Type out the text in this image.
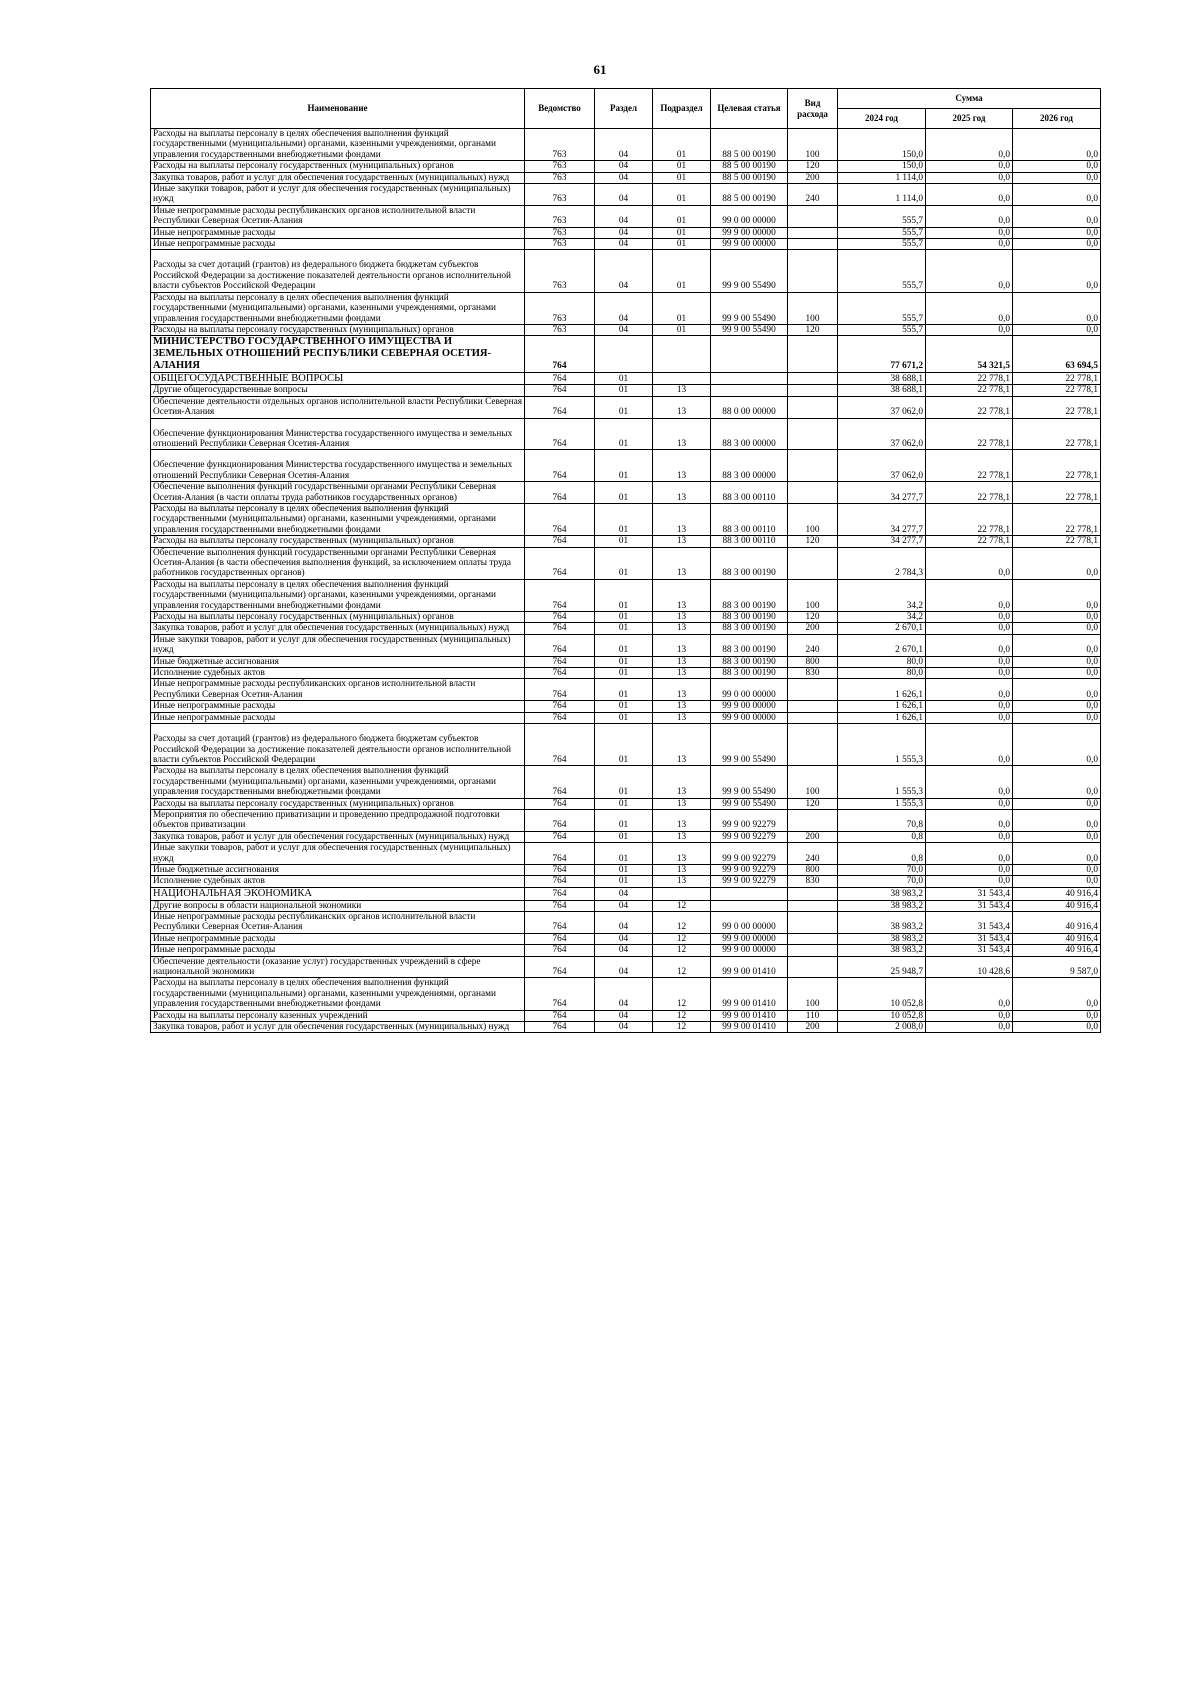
61
Наименование	Ведомство	Раздел	Подраздел	Целевая статья	Вид расхода	Сумма		
						2024 год	2025 год	2026 год
Расходы на выплаты персоналу в целях обеспечения выполнения функций государственными (муниципальными) органами, казенными учреждениями, органами управления государственными внебюджетными фондами	763	04	01	88 5 00 00190	100	150,0	0,0	0,0
Расходы на выплаты персоналу государственных (муниципальных) органов	763	04	01	88 5 00 00190	120	150,0	0,0	0,0
Закупка товаров, работ и услуг для обеспечения государственных (муниципальных) нужд	763	04	01	88 5 00 00190	200	1 114,0	0,0	0,0
Иные закупки товаров, работ и услуг для обеспечения государственных (муниципальных) нужд	763	04	01	88 5 00 00190	240	1 114,0	0,0	0,0
Иные непрограммные расходы республиканских органов исполнительной власти Республики Северная Осетия-Алания	763	04	01	99 0 00 00000		555,7	0,0	0,0
Иные непрограммные расходы	763	04	01	99 9 00 00000		555,7	0,0	0,0
Иные непрограммные расходы	763	04	01	99 9 00 00000		555,7	0,0	0,0
Расходы за счет дотаций (грантов) из федерального бюджета бюджетам субъектов Российской Федерации за достижение показателей деятельности органов исполнительной власти субъектов Российской Федерации	763	04	01	99 9 00 55490		555,7	0,0	0,0
Расходы на выплаты персоналу в целях обеспечения выполнения функций государственными (муниципальными) органами, казенными учреждениями, органами управления государственными внебюджетными фондами	763	04	01	99 9 00 55490	100	555,7	0,0	0,0
Расходы на выплаты персоналу государственных (муниципальных) органов	763	04	01	99 9 00 55490	120	555,7	0,0	0,0
МИНИСТЕРСТВО ГОСУДАРСТВЕННОГО ИМУЩЕСТВА И ЗЕМЕЛЬНЫХ ОТНОШЕНИЙ РЕСПУБЛИКИ СЕВЕРНАЯ ОСЕТИЯ-АЛАНИЯ	764					77 671,2	54 321,5	63 694,5
ОБЩЕГОСУДАРСТВЕННЫЕ ВОПРОСЫ	764	01				38 688,1	22 778,1	22 778,1
Другие общегосударственные вопросы	764	01	13			38 688,1	22 778,1	22 778,1
Обеспечение деятельности отдельных органов исполнительной власти Республики Северная Осетия-Алания	764	01	13	88 0 00 00000		37 062,0	22 778,1	22 778,1
Обеспечение функционирования Министерства государственного имущества и земельных отношений Республики Северная Осетия-Алания	764	01	13	88 3 00 00000		37 062,0	22 778,1	22 778,1
Обеспечение функционирования Министерства государственного имущества и земельных отношений Республики Северная Осетия-Алания	764	01	13	88 3 00 00000		37 062,0	22 778,1	22 778,1
Обеспечение выполнения функций государственными органами Республики Северная Осетия-Алания (в части оплаты труда работников государственных органов)	764	01	13	88 3 00 00110		34 277,7	22 778,1	22 778,1
Расходы на выплаты персоналу в целях обеспечения выполнения функций государственными (муниципальными) органами, казенными учреждениями, органами управления государственными внебюджетными фондами	764	01	13	88 3 00 00110	100	34 277,7	22 778,1	22 778,1
Расходы на выплаты персоналу государственных (муниципальных) органов	764	01	13	88 3 00 00110	120	34 277,7	22 778,1	22 778,1
Обеспечение выполнения функций государственными органами Республики Северная Осетия-Алания (в части обеспечения выполнения функций, за исключением оплаты труда работников государственных органов)	764	01	13	88 3 00 00190		2 784,3	0,0	0,0
Расходы на выплаты персоналу в целях обеспечения выполнения функций государственными (муниципальными) органами, казенными учреждениями, органами управления государственными внебюджетными фондами	764	01	13	88 3 00 00190	100	34,2	0,0	0,0
Расходы на выплаты персоналу государственных (муниципальных) органов	764	01	13	88 3 00 00190	120	34,2	0,0	0,0
Закупка товаров, работ и услуг для обеспечения государственных (муниципальных) нужд	764	01	13	88 3 00 00190	200	2 670,1	0,0	0,0
Иные закупки товаров, работ и услуг для обеспечения государственных (муниципальных) нужд	764	01	13	88 3 00 00190	240	2 670,1	0,0	0,0
Иные бюджетные ассигнования	764	01	13	88 3 00 00190	800	80,0	0,0	0,0
Исполнение судебных актов	764	01	13	88 3 00 00190	830	80,0	0,0	0,0
Иные непрограммные расходы республиканских органов исполнительной власти Республики Северная Осетия-Алания	764	01	13	99 0 00 00000		1 626,1	0,0	0,0
Иные непрограммные расходы	764	01	13	99 9 00 00000		1 626,1	0,0	0,0
Иные непрограммные расходы	764	01	13	99 9 00 00000		1 626,1	0,0	0,0
Расходы за счет дотаций (грантов) из федерального бюджета бюджетам субъектов Российской Федерации за достижение показателей деятельности органов исполнительной власти субъектов Российской Федерации	764	01	13	99 9 00 55490		1 555,3	0,0	0,0
Расходы на выплаты персоналу в целях обеспечения выполнения функций государственными (муниципальными) органами, казенными учреждениями, органами управления государственными внебюджетными фондами	764	01	13	99 9 00 55490	100	1 555,3	0,0	0,0
Расходы на выплаты персоналу государственных (муниципальных) органов	764	01	13	99 9 00 55490	120	1 555,3	0,0	0,0
Мероприятия по обеспечению приватизации и проведению предпродажной подготовки объектов приватизации	764	01	13	99 9 00 92279		70,8	0,0	0,0
Закупка товаров, работ и услуг для обеспечения государственных (муниципальных) нужд	764	01	13	99 9 00 92279	200	0,8	0,0	0,0
Иные закупки товаров, работ и услуг для обеспечения государственных (муниципальных) нужд	764	01	13	99 9 00 92279	240	0,8	0,0	0,0
Иные бюджетные ассигнования	764	01	13	99 9 00 92279	800	70,0	0,0	0,0
Исполнение судебных актов	764	01	13	99 9 00 92279	830	70,0	0,0	0,0
НАЦИОНАЛЬНАЯ ЭКОНОМИКА	764	04				38 983,2	31 543,4	40 916,4
Другие вопросы в области национальной экономики	764	04	12			38 983,2	31 543,4	40 916,4
Иные непрограммные расходы республиканских органов исполнительной власти Республики Северная Осетия-Алания	764	04	12	99 0 00 00000		38 983,2	31 543,4	40 916,4
Иные непрограммные расходы	764	04	12	99 9 00 00000		38 983,2	31 543,4	40 916,4
Иные непрограммные расходы	764	04	12	99 9 00 00000		38 983,2	31 543,4	40 916,4
Обеспечение деятельности (оказание услуг) государственных учреждений в сфере национальной экономики	764	04	12	99 9 00 01410		25 948,7	10 428,6	9 587,0
Расходы на выплаты персоналу в целях обеспечения выполнения функций государственными (муниципальными) органами, казенными учреждениями, органами управления государственными внебюджетными фондами	764	04	12	99 9 00 01410	100	10 052,8	0,0	0,0
Расходы на выплаты персоналу казенных учреждений	764	04	12	99 9 00 01410	110	10 052,8	0,0	0,0
Закупка товаров, работ и услуг для обеспечения государственных (муниципальных) нужд	764	04	12	99 9 00 01410	200	2 008,0	0,0	0,0
